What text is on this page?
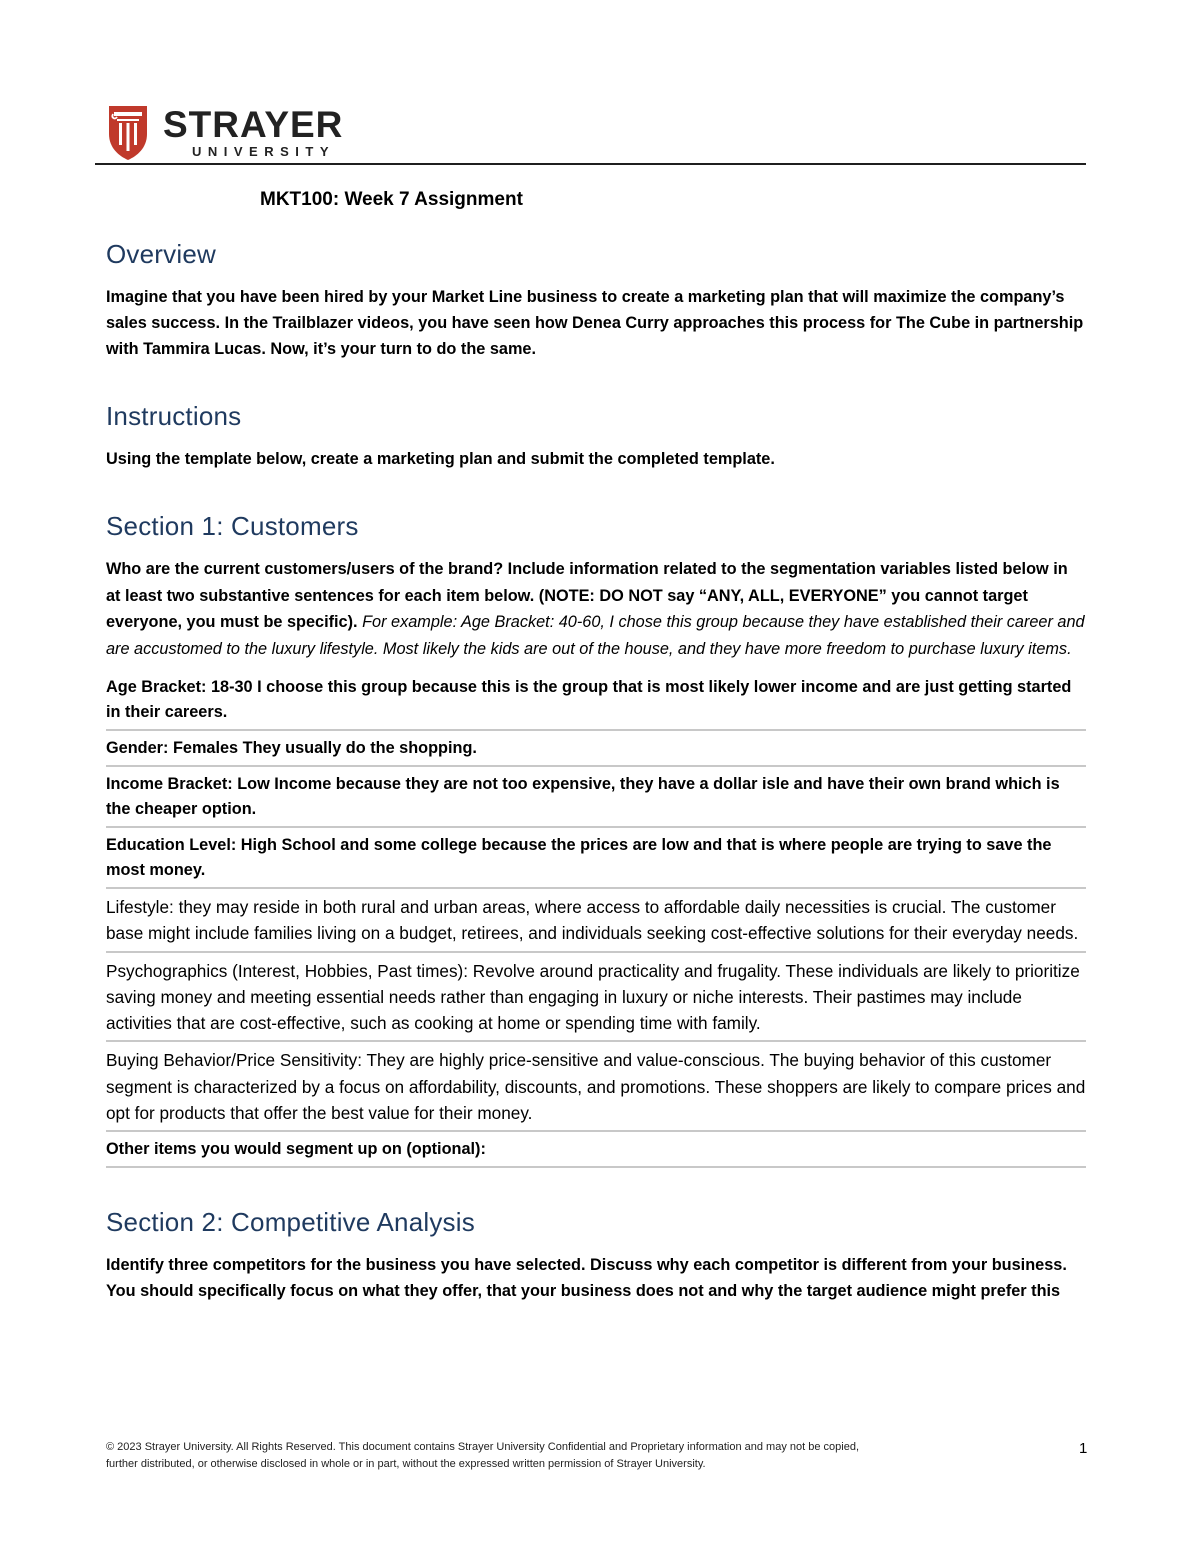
STRAYER
UNIVERSITY
MKT100: Week 7 Assignment
Overview

Imagine that you have been hired by your Market Line business to create a marketing plan that will maximize the company’s sales success. In the Trailblazer videos, you have seen how Denea Curry approaches this process for The Cube in partnership with Tammira Lucas. Now, it’s your turn to do the same.

Instructions

Using the template below, create a marketing plan and submit the completed template.

Section 1: Customers

Who are the current customers/users of the brand? Include information related to the segmentation variables listed below in at least two substantive sentences for each item below. (NOTE: DO NOT say “ANY, ALL, EVERYONE” you cannot target everyone, you must be specific). For example: Age Bracket: 40-60, I chose this group because they have established their career and are accustomed to the luxury lifestyle. Most likely the kids are out of the house, and they have more freedom to purchase luxury items.

Age Bracket: 18-30 I choose this group because this is the group that is most likely lower income and are just getting started in their careers.
Gender: Females They usually do the shopping.
Income Bracket: Low Income because they are not too expensive, they have a dollar isle and have their own brand which is the cheaper option.
Education Level: High School and some college because the prices are low and that is where people are trying to save the most money.
Lifestyle: they may reside in both rural and urban areas, where access to affordable daily necessities is crucial. The customer base might include families living on a budget, retirees, and individuals seeking cost-effective solutions for their everyday needs.
Psychographics (Interest, Hobbies, Past times): Revolve around practicality and frugality. These individuals are likely to prioritize saving money and meeting essential needs rather than engaging in luxury or niche interests. Their pastimes may include activities that are cost-effective, such as cooking at home or spending time with family.
Buying Behavior/Price Sensitivity: They are highly price-sensitive and value-conscious. The buying behavior of this customer segment is characterized by a focus on affordability, discounts, and promotions. These shoppers are likely to compare prices and opt for products that offer the best value for their money.
Other items you would segment up on (optional):
Section 2: Competitive Analysis

Identify three competitors for the business you have selected. Discuss why each competitor is different from your business. You should specifically focus on what they offer, that your business does not and why the target audience might prefer this

© 2023 Strayer University. All Rights Reserved. This document contains Strayer University Confidential and Proprietary information and may not be copied,
further distributed, or otherwise disclosed in whole or in part, without the expressed written permission of Strayer University.
1
